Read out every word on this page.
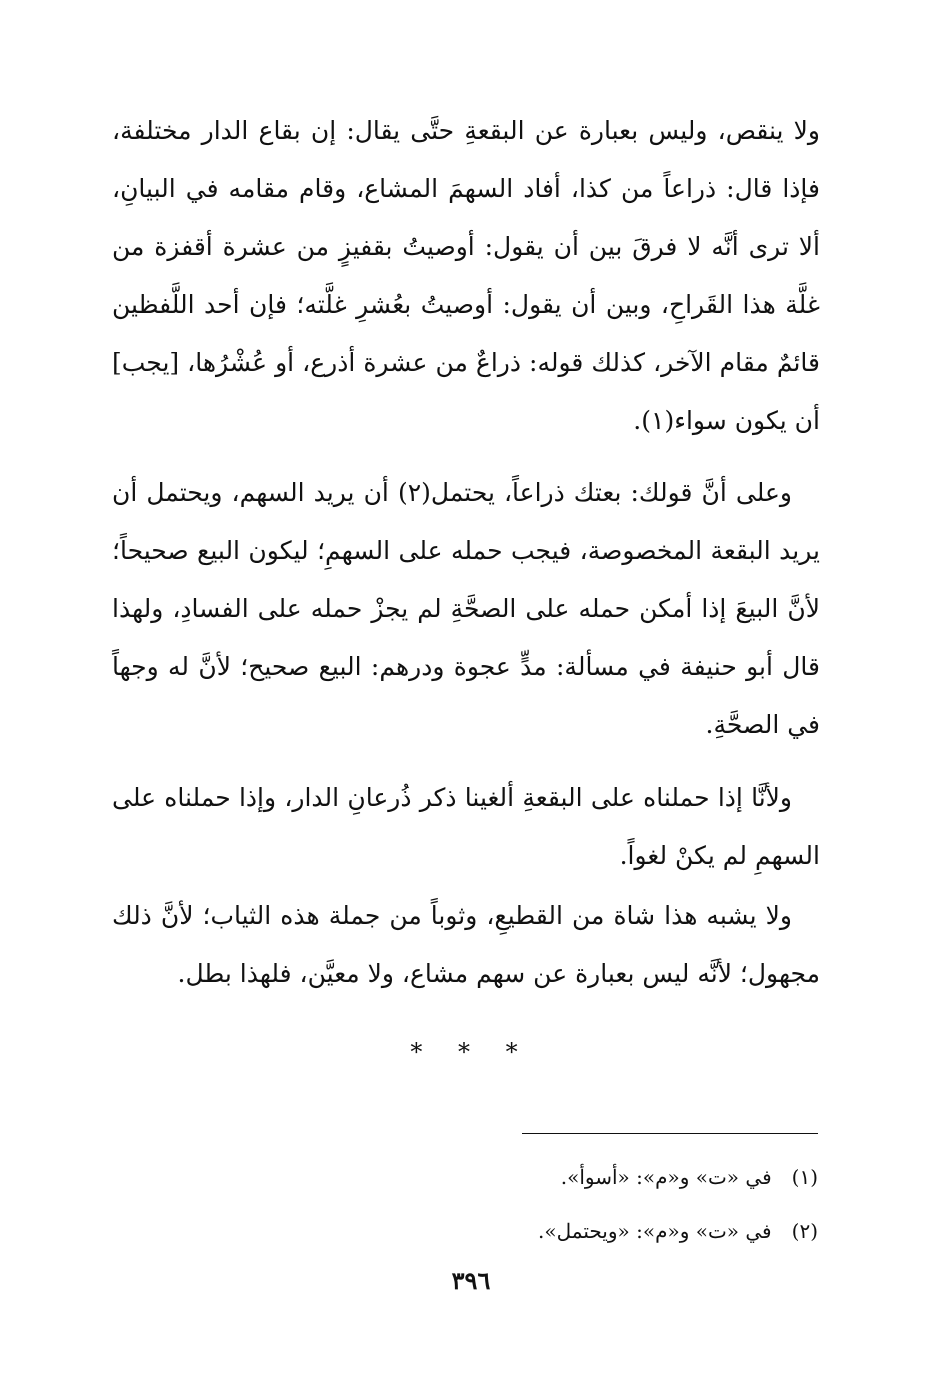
ولا ينقص، وليس بعبارة عن البقعةِ حتَّى يقال: إن بقاع الدار مختلفة، فإذا قال: ذراعاً من كذا، أفاد السهمَ المشاع، وقام مقامه في البيانِ، ألا ترى أنَّه لا فرقَ بين أن يقول: أوصيتُ بقفيزٍ من عشرة أقفزة من غلَّة هذا القَراحِ، وبين أن يقول: أوصيتُ بعُشرِ غلَّته؛ فإن أحد اللَّفظين قائمٌ مقام الآخر، كذلك قوله: ذراعٌ من عشرة أذرع، أو عُشْرُها، [يجب] أن يكون سواء(١).

وعلى أنَّ قولك: بعتك ذراعاً، يحتمل(٢) أن يريد السهم، ويحتمل أن يريد البقعة المخصوصة، فيجب حمله على السهمِ؛ ليكون البيع صحيحاً؛ لأنَّ البيعَ إذا أمكن حمله على الصحَّةِ لم يجزْ حمله على الفسادِ، ولهذا قال أبو حنيفة في مسألة: مدٍّ عجوة ودرهم: البيع صحيح؛ لأنَّ له وجهاً في الصحَّةِ.

ولأنَّا إذا حملناه على البقعةِ ألغينا ذكر ذُرعانِ الدار، وإذا حملناه على السهمِ لم يكنْ لغواً.

ولا يشبه هذا شاة من القطيعِ، وثوباً من جملة هذه الثياب؛ لأنَّ ذلك مجهول؛ لأنَّه ليس بعبارة عن سهم مشاع، ولا معيَّن، فلهذا بطل.

* * *
(١)في «ت» و«م»: «أسوأ».
(٢)في «ت» و«م»: «ويحتمل».
٣٩٦
